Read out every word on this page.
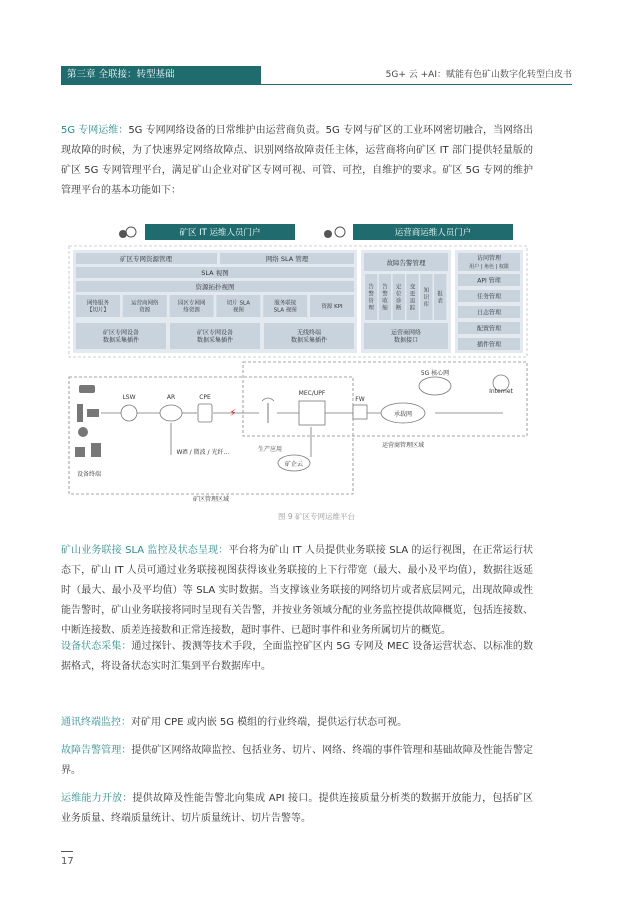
第三章 全联接：转型基础	5G+ 云 +AI：赋能有色矿山数字化转型白皮书

5G 专网运维：5G 专网网络设备的日常维护由运营商负责。5G 专网与矿区的工业环网密切融合，当网络出现故障的时候，为了快速界定网络故障点、识别网络故障责任主体，运营商将向矿区 IT 部门提供轻量版的矿区 5G 专网管理平台，满足矿山企业对矿区专网可视、可管、可控，自维护的要求。矿区 5G 专网的维护管理平台的基本功能如下：

矿区 IT 运维人员门户	运营商运维人员门户
矿区专网资源管理	网络 SLA 管理
SLA 视图
资源拓扑视图
网络服务【切片】
运营商网络资源
园区专网网络资源
切片 SLA 视图
服务联接 SLA 视图
资源 KPI
矿区专网设备数据采集插件
矿区专网设备数据采集插件
无线终端数据采集插件
故障告警管理
告警管理
告警收缩
定位诊断
变更追踪
知识库
报表
访问管理
用户 | 角色 | 权限
API 管理
任务管理
日志管理
配置管理
插件管理
运营商管理区域
矿区管理区域
设备终端
LSW	AR	CPE
⚡
MEC/UPF
FW
承载网
5G 核心网
Internet
Wifi / 微波 / 光纤…	生产应用
矿企云
运营商网络数据接口
图 9 矿区专网运维平台

矿山业务联接 SLA 监控及状态呈现：平台将为矿山 IT 人员提供业务联接 SLA 的运行视图，在正常运行状态下，矿山 IT 人员可通过业务联接视图获得该业务联接的上下行带宽（最大、最小及平均值），数据往返延时（最大、最小及平均值）等 SLA 实时数据。当支撑该业务联接的网络切片或者底层网元，出现故障或性能告警时，矿山业务联接将同时呈现有关告警，并按业务领域分配的业务监控提供故障概览，包括连接数、中断连接数、质差连接数和正常连接数，超时事件、已超时事件和业务所属切片的概览。

设备状态采集：通过探针、拨测等技术手段，全面监控矿区内 5G 专网及 MEC 设备运营状态、以标准的数据格式，将设备状态实时汇集到平台数据库中。

通讯终端监控：对矿用 CPE 或内嵌 5G 模组的行业终端，提供运行状态可视。

故障告警管理：提供矿区网络故障监控、包括业务、切片、网络、终端的事件管理和基础故障及性能告警定界。

运维能力开放：提供故障及性能告警北向集成 API 接口。提供连接质量分析类的数据开放能力，包括矿区业务质量、终端质量统计、切片质量统计、切片告警等。

17
